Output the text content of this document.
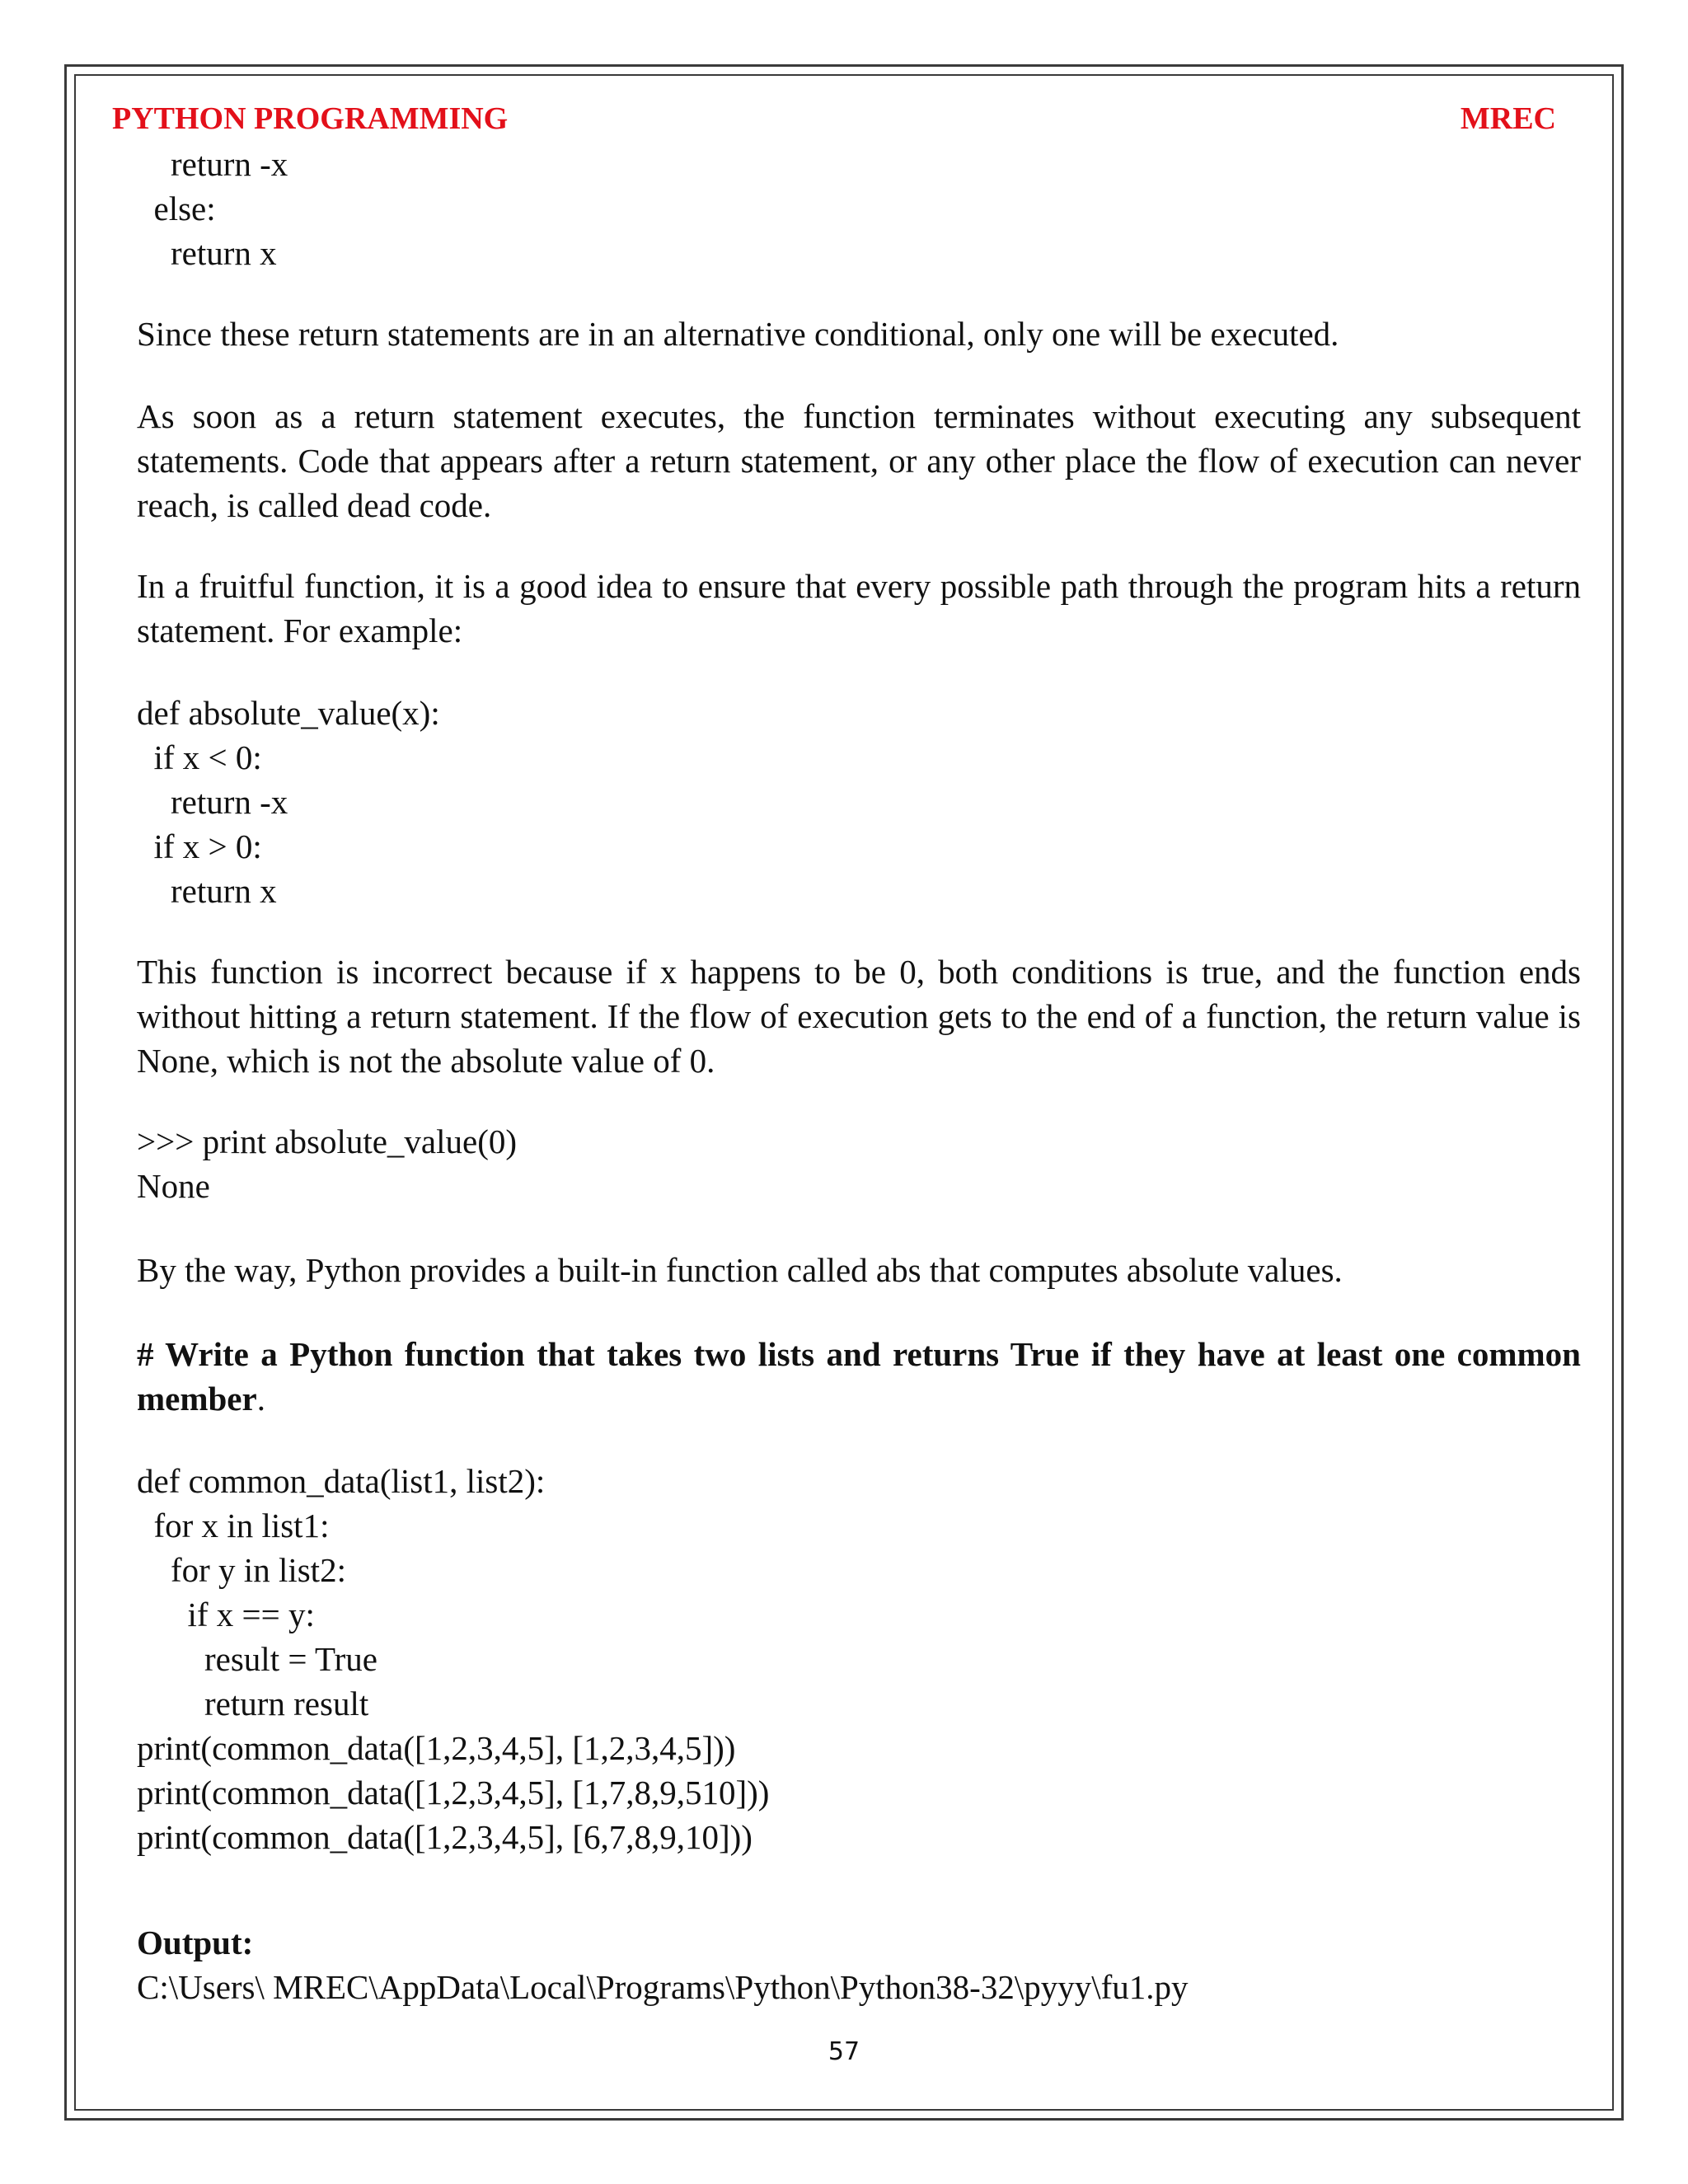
PYTHON PROGRAMMING	MREC
return -x
else:
return x
Since these return statements are in an alternative conditional, only one will be executed.
As soon as a return statement executes, the function terminates without executing any subsequent statements. Code that appears after a return statement, or any other place the flow of execution can never reach, is called dead code.
In a fruitful function, it is a good idea to ensure that every possible path through the program hits a return statement. For example:
def absolute_value(x):
if x < 0:
return -x
if x > 0:
return x
This function is incorrect because if x happens to be 0, both conditions is true, and the function ends without hitting a return statement. If the flow of execution gets to the end of a function, the return value is None, which is not the absolute value of 0.
>>> print absolute_value(0)
None
By the way, Python provides a built-in function called abs that computes absolute values.
# Write a Python function that takes two lists and returns True if they have at least one common member.
def common_data(list1, list2):
for x in list1:
for y in list2:
if x == y:
result = True
return result
print(common_data([1,2,3,4,5], [1,2,3,4,5]))
print(common_data([1,2,3,4,5], [1,7,8,9,510]))
print(common_data([1,2,3,4,5], [6,7,8,9,10]))
Output:
C:\Users\ MREC\AppData\Local\Programs\Python\Python38-32\pyyy\fu1.py
57
